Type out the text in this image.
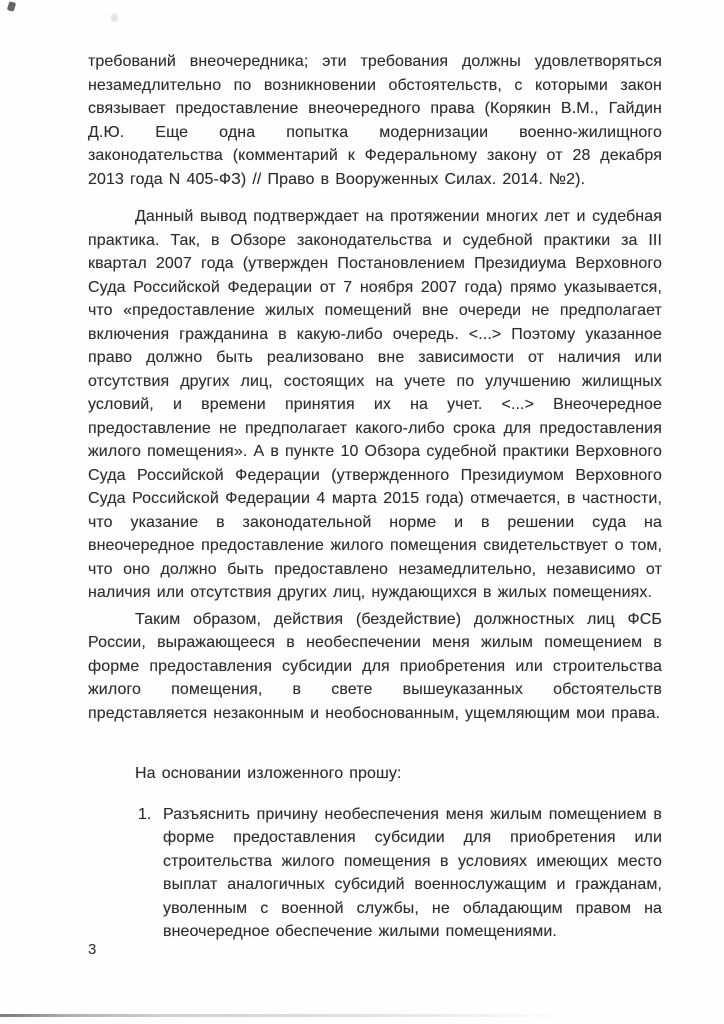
требований внеочередника; эти требования должны удовлетворяться незамедлительно по возникновении обстоятельств, с которыми закон связывает предоставление внеочередного права (Корякин В.М., Гайдин Д.Ю. Еще одна попытка модернизации военно-жилищного законодательства (комментарий к Федеральному закону от 28 декабря 2013 года N 405-ФЗ) // Право в Вооруженных Силах. 2014. №2).

Данный вывод подтверждает на протяжении многих лет и судебная практика. Так, в Обзоре законодательства и судебной практики за III квартал 2007 года (утвержден Постановлением Президиума Верховного Суда Российской Федерации от 7 ноября 2007 года) прямо указывается, что «предоставление жилых помещений вне очереди не предполагает включения гражданина в какую-либо очередь. <...> Поэтому указанное право должно быть реализовано вне зависимости от наличия или отсутствия других лиц, состоящих на учете по улучшению жилищных условий, и времени принятия их на учет. <...> Внеочередное предоставление не предполагает какого-либо срока для предоставления жилого помещения». А в пункте 10 Обзора судебной практики Верховного Суда Российской Федерации (утвержденного Президиумом Верховного Суда Российской Федерации 4 марта 2015 года) отмечается, в частности, что указание в законодательной норме и в решении суда на внеочередное предоставление жилого помещения свидетельствует о том, что оно должно быть предоставлено незамедлительно, независимо от наличия или отсутствия других лиц, нуждающихся в жилых помещениях.

Таким образом, действия (бездействие) должностных лиц ФСБ России, выражающееся в необеспечении меня жилым помещением в форме предоставления субсидии для приобретения или строительства жилого помещения, в свете вышеуказанных обстоятельств представляется незаконным и необоснованным, ущемляющим мои права.

На основании изложенного прошу:

1. Разъяснить причину необеспечения меня жилым помещением в форме предоставления субсидии для приобретения или строительства жилого помещения в условиях имеющих место выплат аналогичных субсидий военнослужащим и гражданам, уволенным с военной службы, не обладающим правом на внеочередное обеспечение жилыми помещениями.
3
